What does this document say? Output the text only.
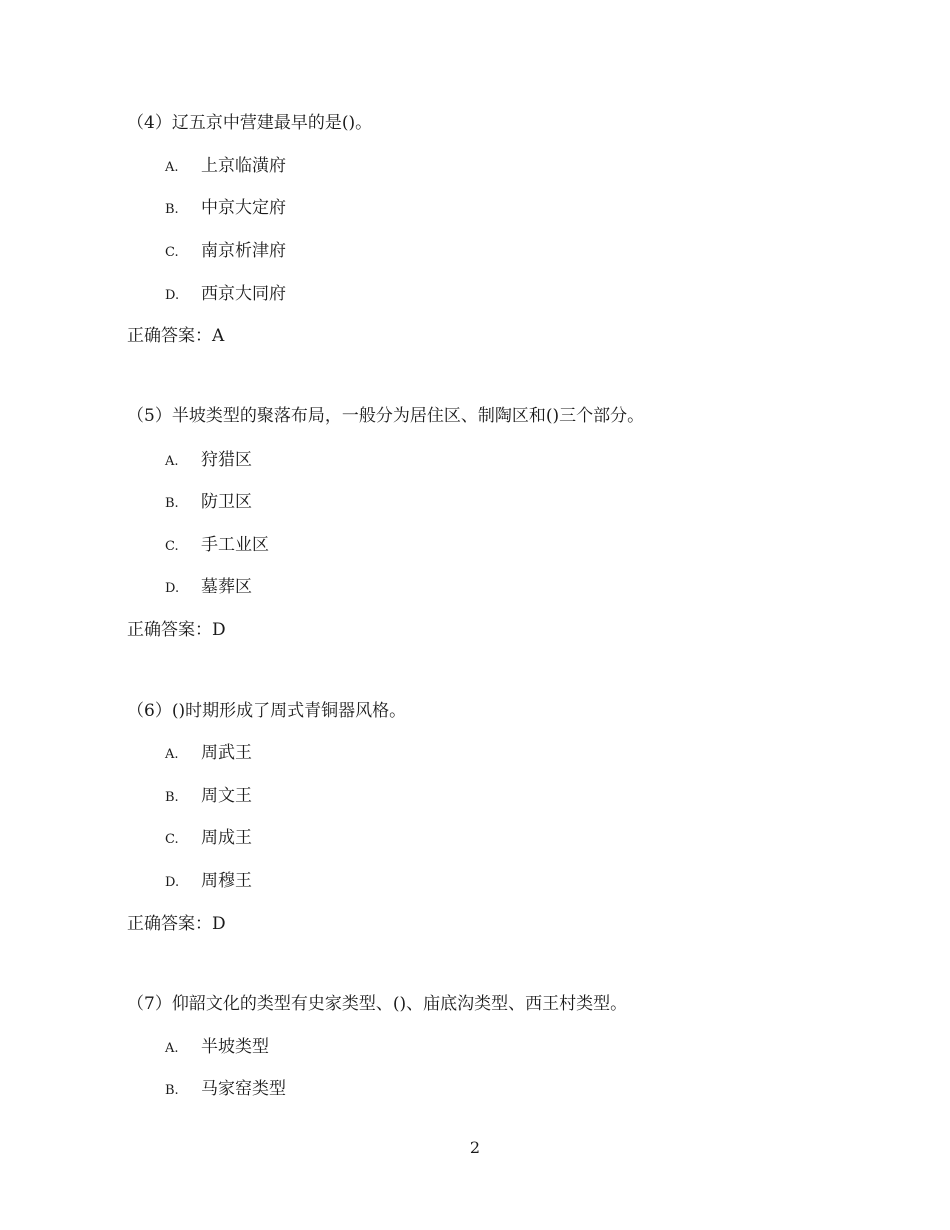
（4）辽五京中营建最早的是()。
A. 上京临潢府
B. 中京大定府
C. 南京析津府
D. 西京大同府
正确答案：A
（5）半坡类型的聚落布局，一般分为居住区、制陶区和()三个部分。
A. 狩猎区
B. 防卫区
C. 手工业区
D. 墓葬区
正确答案：D
（6）()时期形成了周式青铜器风格。
A. 周武王
B. 周文王
C. 周成王
D. 周穆王
正确答案：D
（7）仰韶文化的类型有史家类型、()、庙底沟类型、西王村类型。
A. 半坡类型
B. 马家窑类型
2
